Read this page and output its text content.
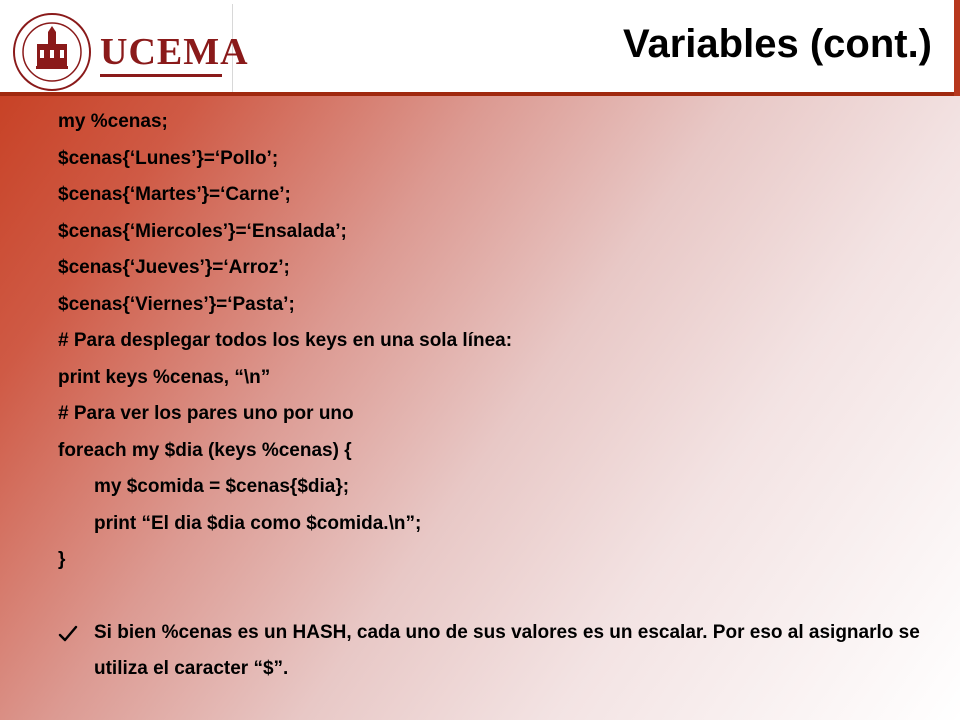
UCEMA	Variables (cont.)
my %cenas;
$cenas{‘Lunes’}=‘Pollo’;
$cenas{‘Martes’}=‘Carne’;
$cenas{‘Miercoles’}=‘Ensalada’;
$cenas{‘Jueves’}=‘Arroz’;
$cenas{‘Viernes’}=‘Pasta’;
# Para desplegar todos los keys en una sola línea:
print keys %cenas, “\n”
# Para ver los pares uno por uno
foreach my $dia (keys %cenas) {
my $comida = $cenas{$dia};
print “El dia $dia como $comida.\n”;
}
Si bien %cenas es un HASH, cada uno de sus valores es un escalar. Por eso al asignarlo se utiliza el caracter “$”.
